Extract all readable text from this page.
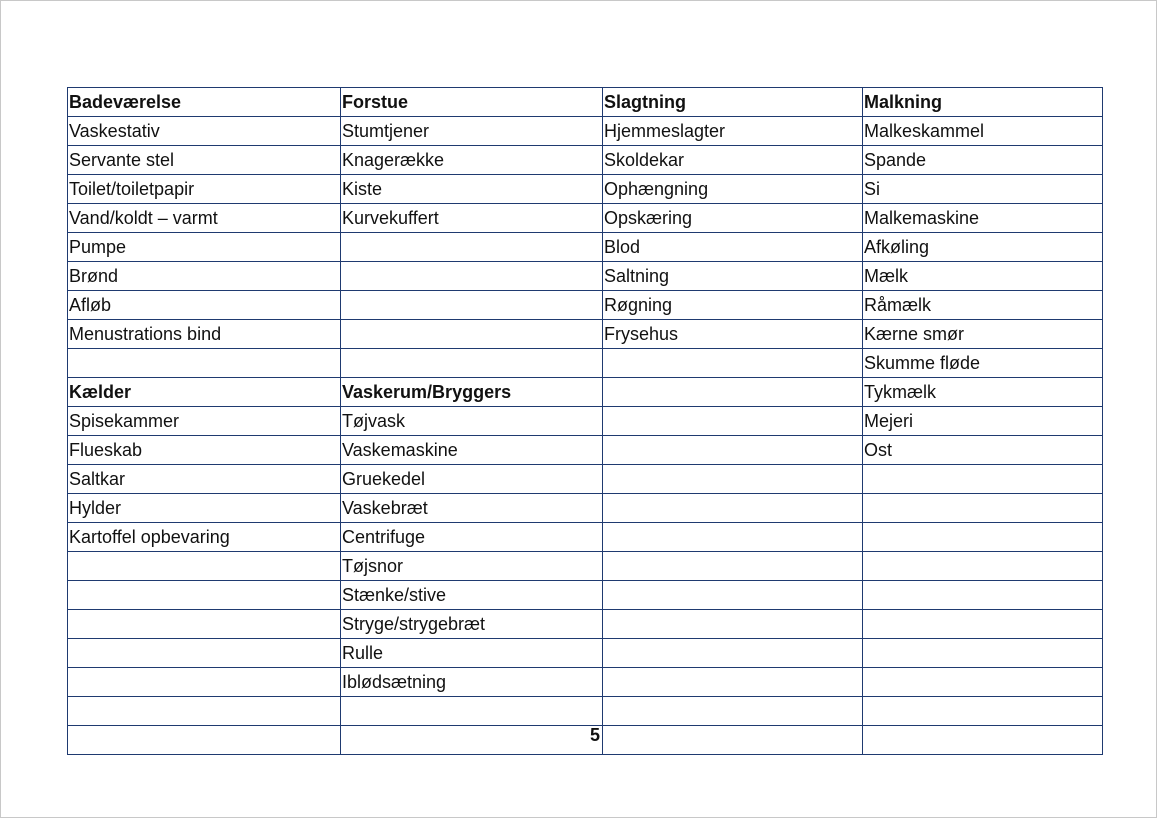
Badeværelse	Forstue	Slagtning	Malkning
Vaskestativ	Stumtjener	Hjemmeslagter	Malkeskammel
Servante stel	Knagerække	Skoldekar	Spande
Toilet/toiletpapir	Kiste	Ophængning	Si
Vand/koldt – varmt	Kurvekuffert	Opskæring	Malkemaskine
Pumpe		Blod	Afkøling
Brønd		Saltning	Mælk
Afløb		Røgning	Råmælk
Menustrations bind		Frysehus	Kærne smør
			Skumme fløde
Kælder	Vaskerum/Bryggers		Tykmælk
Spisekammer	Tøjvask		Mejeri
Flueskab	Vaskemaskine		Ost
Saltkar	Gruekedel		
Hylder	Vaskebræt		
Kartoffel opbevaring	Centrifuge		
	Tøjsnor		
	Stænke/stive		
	Stryge/strygebræt		
	Rulle		
	Iblødsætning		

5
